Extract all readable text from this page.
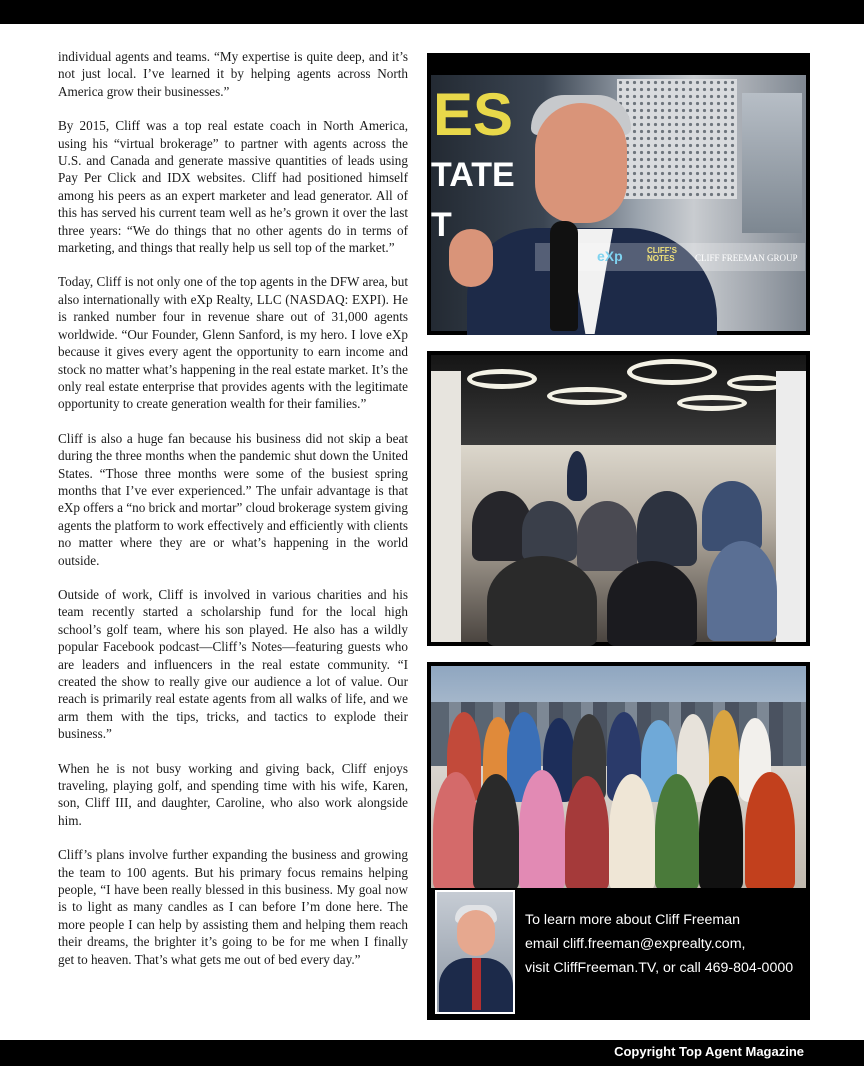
individual agents and teams. “My expertise is quite deep, and it’s not just local. I’ve learned it by helping agents across North America grow their businesses.”

By 2015, Cliff was a top real estate coach in North America, using his “virtual brokerage” to partner with agents across the U.S. and Canada and generate massive quantities of leads using Pay Per Click and IDX websites. Cliff had positioned himself among his peers as an expert marketer and lead generator. All of this has served his current team well as he’s grown it over the last three years: “We do things that no other agents do in terms of marketing, and things that really help us sell top of the market.”

Today, Cliff is not only one of the top agents in the DFW area, but also internationally with eXp Realty, LLC (NASDAQ: EXPI). He is ranked number four in revenue share out of 31,000 agents worldwide. “Our Founder, Glenn Sanford, is my hero. I love eXp because it gives every agent the opportunity to earn income and stock no matter what’s happening in the real estate market. It’s the only real estate enterprise that provides agents with the legitimate opportunity to create generation wealth for their families.”

Cliff is also a huge fan because his business did not skip a beat during the three months when the pandemic shut down the United States. “Those three months were some of the busiest spring months that I’ve ever experienced.” The unfair advantage is that eXp offers a “no brick and mortar” cloud brokerage system giving agents the platform to work effectively and efficiently with clients no matter where they are or what’s happening in the world outside.

Outside of work, Cliff is involved in various charities and his team recently started a scholarship fund for the local high school’s golf team, where his son played. He also has a wildly popular Facebook podcast—Cliff’s Notes—featuring guests who are leaders and influencers in the real estate community. “I created the show to really give our audience a lot of value. Our reach is primarily real estate agents from all walks of life, and we arm them with the tips, tricks, and tactics to explode their business.”

When he is not busy working and giving back, Cliff enjoys traveling, playing golf, and spending time with his wife, Karen, son, Cliff III, and daughter, Caroline, who also work alongside him.

Cliff’s plans involve further expanding the business and growing the team to 100 agents. But his primary focus remains helping people, “I have been really blessed in this business. My goal now is to light as many candles as I can before I’m done here. The more people I can help by assisting them and helping them reach their dreams, the brighter it’s going to be for me when I finally get to heaven. That’s what gets me out of bed every day.”

ES
TATE
T
eXp	CLIFF'S NOTES	CLIFF FREEMAN GROUP
To learn more about Cliff Freeman
email cliff.freeman@exprealty.com,
visit CliffFreeman.TV, or call 469-804-0000
Copyright Top Agent Magazine
